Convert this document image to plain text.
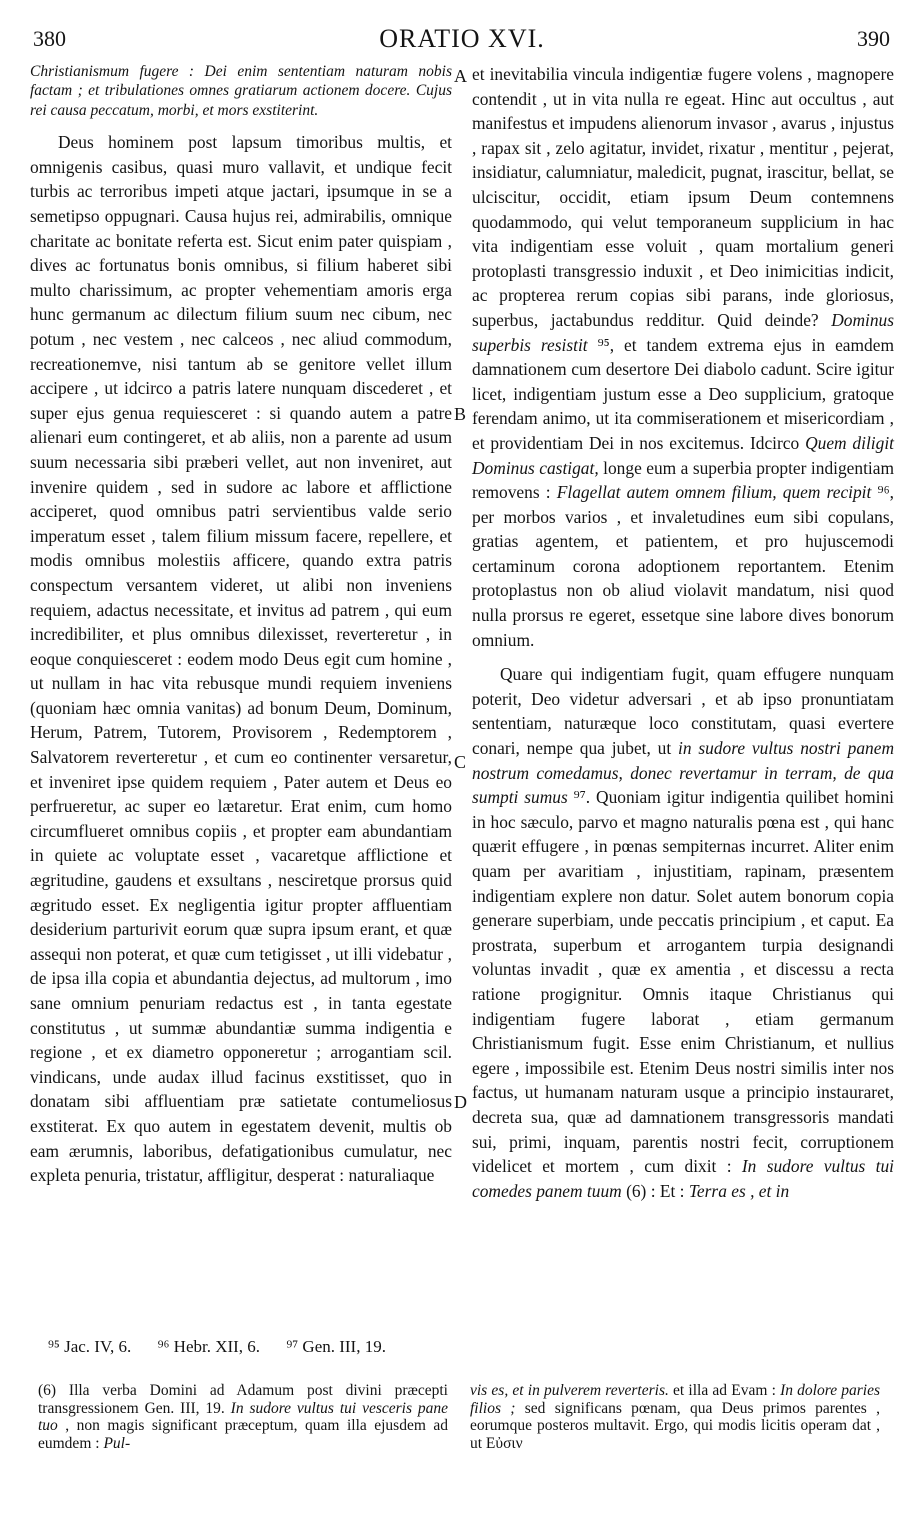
380	ORATIO XVI.	390
A
B
C
D

Christianismum fugere : Dei enim sententiam naturam nobis factam ; et tribulationes omnes gratiarum actionem docere. Cujus rei causa peccatum, morbi, et mors exstiterint.

Deus hominem post lapsum timoribus multis, et omnigenis casibus, quasi muro vallavit, et undique fecit turbis ac terroribus impeti atque jactari, ipsumque in se a semetipso oppugnari. Causa hujus rei, admirabilis, omnique charitate ac bonitate referta est. Sicut enim pater quispiam , dives ac fortunatus bonis omnibus, si filium haberet sibi multo charissimum, ac propter vehementiam amoris erga hunc germanum ac dilectum filium suum nec cibum, nec potum , nec vestem , nec calceos , nec aliud commodum, recreationemve, nisi tantum ab se genitore vellet illum accipere , ut idcirco a patris latere nunquam discederet , et super ejus genua requiesceret : si quando autem a patre alienari eum contingeret, et ab aliis, non a parente ad usum suum necessaria sibi præberi vellet, aut non inveniret, aut invenire quidem , sed in sudore ac labore et afflictione acciperet, quod omnibus patri servientibus valde serio imperatum esset , talem filium missum facere, repellere, et modis omnibus molestiis afficere, quando extra patris conspectum versantem videret, ut alibi non inveniens requiem, adactus necessitate, et invitus ad patrem , qui eum incredibiliter, et plus omnibus dilexisset, reverteretur , in eoque conquiesceret : eodem modo Deus egit cum homine , ut nullam in hac vita rebusque mundi requiem inveniens (quoniam hæc omnia vanitas) ad bonum Deum, Dominum, Herum, Patrem, Tutorem, Provisorem , Redemptorem , Salvatorem reverteretur , et cum eo continenter versaretur, et inveniret ipse quidem requiem , Pater autem et Deus eo perfrueretur, ac super eo lætaretur. Erat enim, cum homo circumflueret omnibus copiis , et propter eam abundantiam in quiete ac voluptate esset , vacaretque afflictione et ægritudine, gaudens et exsultans , nesciretque prorsus quid ægritudo esset. Ex negligentia igitur propter affluentiam desiderium parturivit eorum quæ supra ipsum erant, et quæ assequi non poterat, et quæ cum tetigisset , ut illi videbatur , de ipsa illa copia et abundantia dejectus, ad multorum , imo sane omnium penuriam redactus est , in tanta egestate constitutus , ut summæ abundantiæ summa indigentia e regione , et ex diametro opponeretur ; arrogantiam scil. vindicans, unde audax illud facinus exstitisset, quo in donatam sibi affluentiam præ satietate contumeliosus exstiterat. Ex quo autem in egestatem devenit, multis ob eam ærumnis, laboribus, defatigationibus cumulatur, nec expleta penuria, tristatur, affligitur, desperat : naturaliaque

et inevitabilia vincula indigentiæ fugere volens , magnopere contendit , ut in vita nulla re egeat. Hinc aut occultus , aut manifestus et impudens alienorum invasor , avarus , injustus , rapax sit , zelo agitatur, invidet, rixatur , mentitur , pejerat, insidiatur, calumniatur, maledicit, pugnat, irascitur, bellat, se ulciscitur, occidit, etiam ipsum Deum contemnens quodammodo, qui velut temporaneum supplicium in hac vita indigentiam esse voluit , quam mortalium generi protoplasti transgressio induxit , et Deo inimicitias indicit, ac propterea rerum copias sibi parans, inde gloriosus, superbus, jactabundus redditur. Quid deinde? Dominus superbis resistit ⁹⁵, et tandem extrema ejus in eamdem damnationem cum desertore Dei diabolo cadunt. Scire igitur licet, indigentiam justum esse a Deo supplicium, gratoque ferendam animo, ut ita commiserationem et misericordiam , et providentiam Dei in nos excitemus. Idcirco Quem diligit Dominus castigat, longe eum a superbia propter indigentiam removens : Flagellat autem omnem filium, quem recipit ⁹⁶, per morbos varios , et invaletudines eum sibi copulans, gratias agentem, et patientem, et pro hujuscemodi certaminum corona adoptionem reportantem. Etenim protoplastus non ob aliud violavit mandatum, nisi quod nulla prorsus re egeret, essetque sine labore dives bonorum omnium.

Quare qui indigentiam fugit, quam effugere nunquam poterit, Deo videtur adversari , et ab ipso pronuntiatam sententiam, naturæque loco constitutam, quasi evertere conari, nempe qua jubet, ut in sudore vultus nostri panem nostrum comedamus, donec revertamur in terram, de qua sumpti sumus ⁹⁷. Quoniam igitur indigentia quilibet homini in hoc sæculo, parvo et magno naturalis pœna est , qui hanc quærit effugere , in pœnas sempiternas incurret. Aliter enim quam per avaritiam , injustitiam, rapinam, præsentem indigentiam explere non datur. Solet autem bonorum copia generare superbiam, unde peccatis principium , et caput. Ea prostrata, superbum et arrogantem turpia designandi voluntas invadit , quæ ex amentia , et discessu a recta ratione progignitur. Omnis itaque Christianus qui indigentiam fugere laborat , etiam germanum Christianismum fugit. Esse enim Christianum, et nullius egere , impossibile est. Etenim Deus nostri similis inter nos factus, ut humanam naturam usque a principio instauraret, decreta sua, quæ ad damnationem transgressoris mandati sui, primi, inquam, parentis nostri fecit, corruptionem videlicet et mortem , cum dixit : In sudore vultus tui comedes panem tuum (6) : Et : Terra es , et in

⁹⁵ Jac. IV, 6. ⁹⁶ Hebr. XII, 6. ⁹⁷ Gen. III, 19.

(6) Illa verba Domini ad Adamum post divini præcepti transgressionem Gen. III, 19. In sudore vultus tui vesceris pane tuo , non magis significant præceptum, quam illa ejusdem ad eumdem : Pul-

vis es, et in pulverem reverteris. et illa ad Evam : In dolore paries filios ; sed significans pœnam, qua Deus primos parentes , eorumque posteros multavit. Ergo, qui modis licitis operam dat , ut Εὐσιν
